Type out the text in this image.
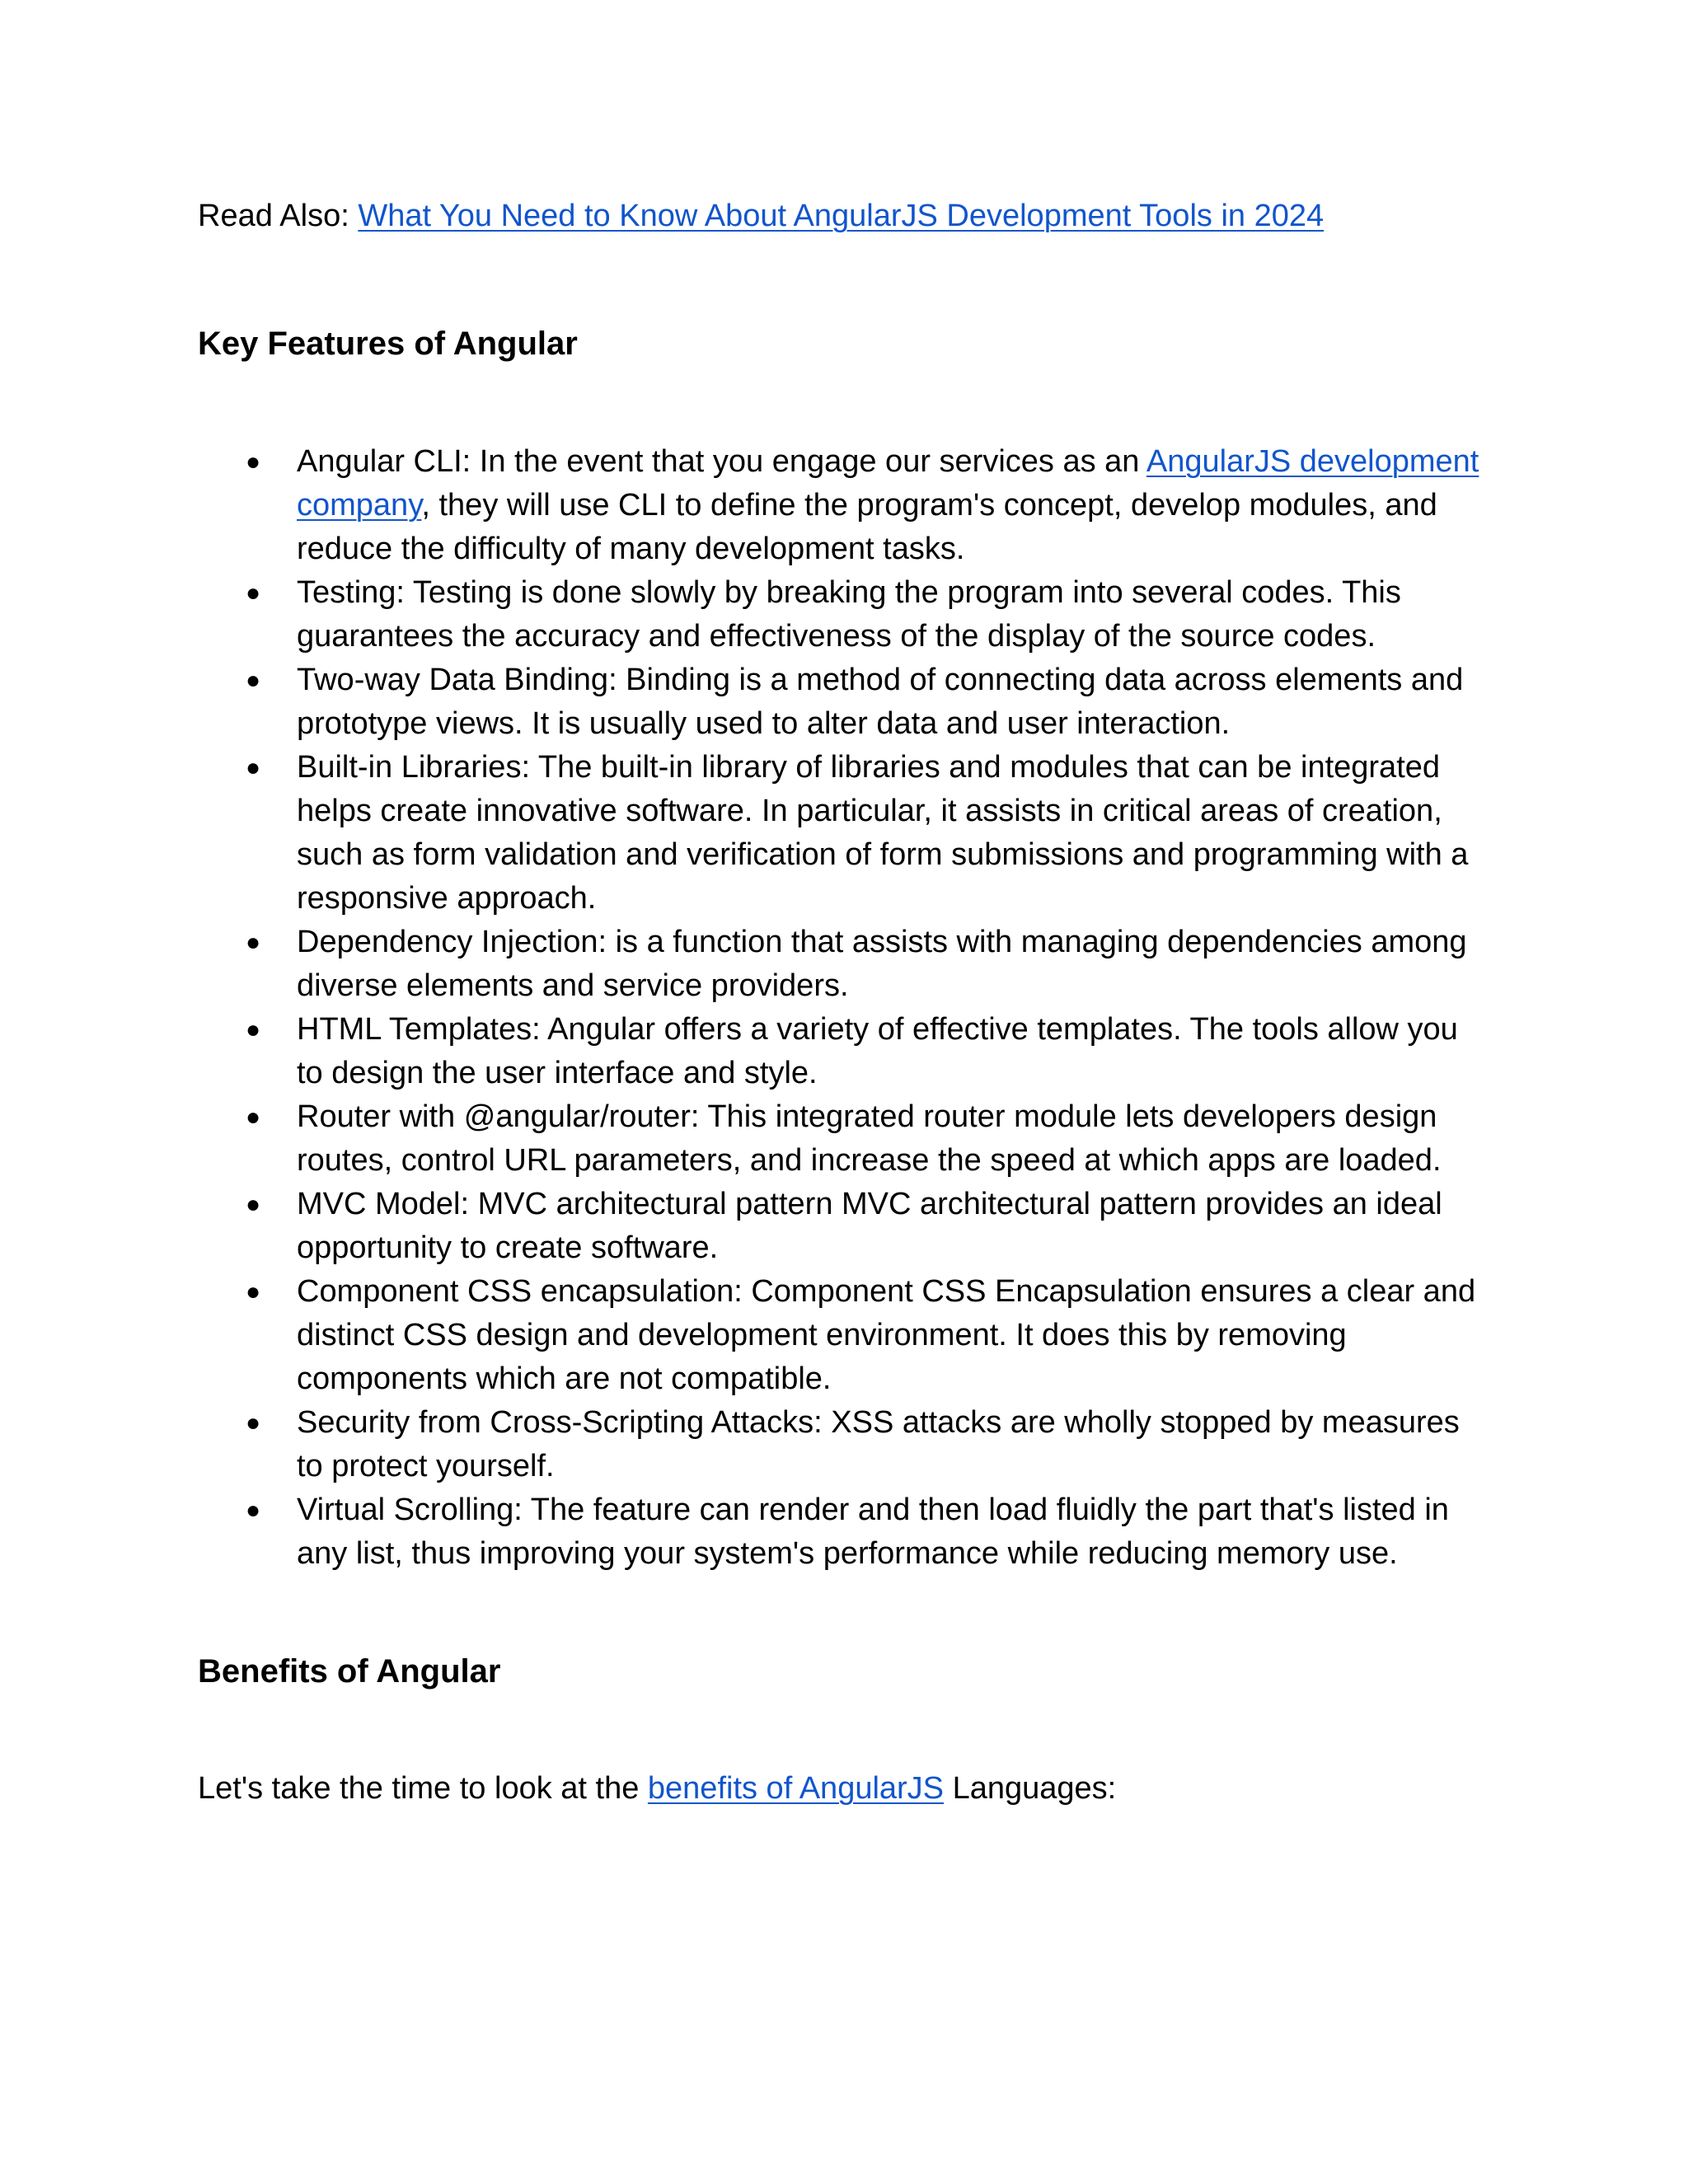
Read Also: What You Need to Know About AngularJS Development Tools in 2024

Key Features of Angular
● Angular CLI: In the event that you engage our services as an AngularJS development company, they will use CLI to define the program's concept, develop modules, and reduce the difficulty of many development tasks.
● Testing: Testing is done slowly by breaking the program into several codes. This guarantees the accuracy and effectiveness of the display of the source codes.
● Two-way Data Binding: Binding is a method of connecting data across elements and prototype views. It is usually used to alter data and user interaction.
● Built-in Libraries: The built-in library of libraries and modules that can be integrated helps create innovative software. In particular, it assists in critical areas of creation, such as form validation and verification of form submissions and programming with a responsive approach.
● Dependency Injection: is a function that assists with managing dependencies among diverse elements and service providers.
● HTML Templates: Angular offers a variety of effective templates. The tools allow you to design the user interface and style.
● Router with @angular/router: This integrated router module lets developers design routes, control URL parameters, and increase the speed at which apps are loaded.
● MVC Model: MVC architectural pattern MVC architectural pattern provides an ideal opportunity to create software.
● Component CSS encapsulation: Component CSS Encapsulation ensures a clear and distinct CSS design and development environment. It does this by removing components which are not compatible.
● Security from Cross-Scripting Attacks: XSS attacks are wholly stopped by measures to protect yourself.
● Virtual Scrolling: The feature can render and then load fluidly the part that's listed in any list, thus improving your system's performance while reducing memory use.
Benefits of Angular

Let's take the time to look at the benefits of AngularJS Languages:
